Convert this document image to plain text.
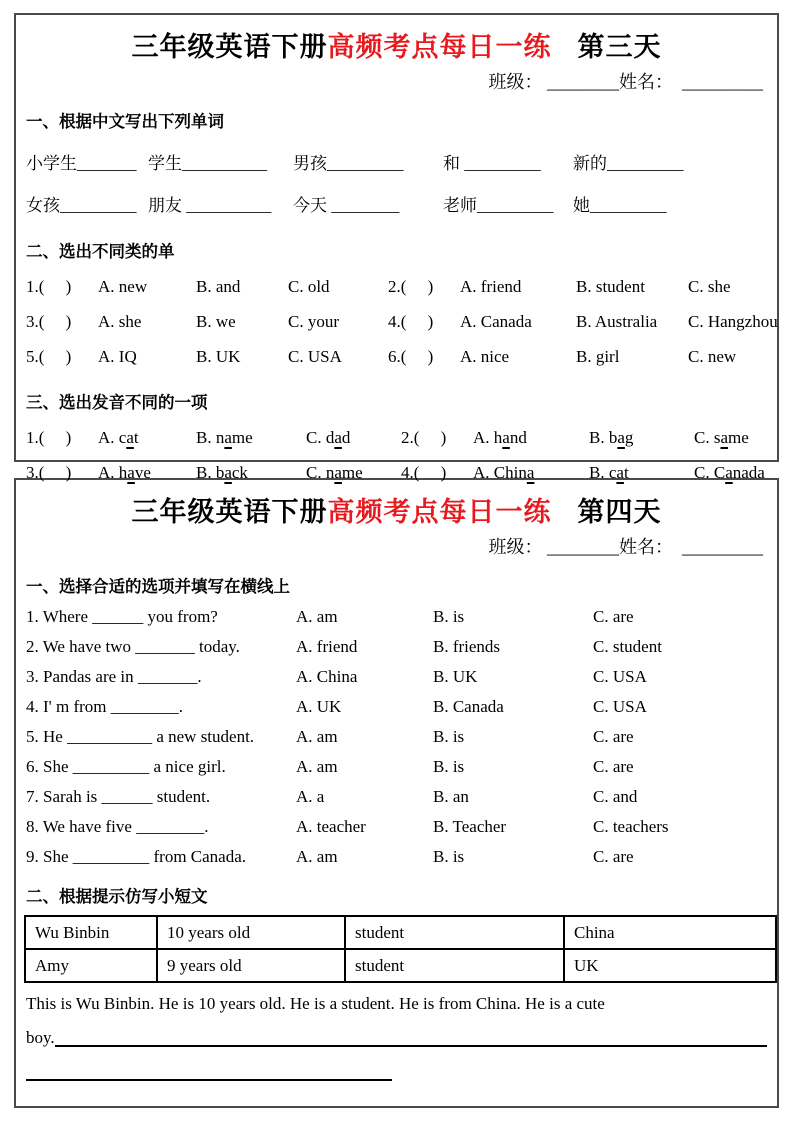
三年级英语下册高频考点每日一练 第三天
班级： ________姓名：  _________
一、根据中文写出下列单词
小学生_______ 学生__________	男孩_________	和 _________	新的_________
女孩_________ 朋友 __________	今天 ________	老师_________	她_________
二、选出不同类的单
1.(     )	A. new	B. and	C. old	2.(     )	A. friend	B. student	C. she
3.(     )	A. she	B. we	C. your	4.(     )	A. Canada	B. Australia	C. Hangzhou
5.(     )	A. IQ	B. UK	C. USA	6.(     )	A. nice	B. girl	C. new
三、选出发音不同的一项
1.(     )	A. cat	B. name	C. dad	2.(     )	A. hand	B. bag	C. same
3.(     )	A. have	B. back	C. name	4.(     )	A. China	B. cat	C. Canada
三年级英语下册高频考点每日一练 第四天
班级： ________姓名：  _________
一、选择合适的选项并填写在横线上
1. Where ______ you from?	A. am	B. is	C. are
2. We have two _______ today.	A. friend	B. friends	C. student
3. Pandas are in _______.	A. China	B. UK	C. USA
4. I' m from ________.	A. UK	B. Canada	C. USA
5. He __________ a new student.	A. am	B. is	C. are
6. She _________ a nice girl.	A. am	B. is	C. are
7. Sarah is ______ student.	A. a	B. an	C. and
8. We have five ________.	A. teacher	B. Teacher	C. teachers
9. She _________ from Canada.	A. am	B. is	C. are
二、根据提示仿写小短文
Wu Binbin	10 years old	student	China
Amy	9 years old	student	UK
This is Wu Binbin. He is 10 years old. He is a student. He is from China. He is a cute
boy.
